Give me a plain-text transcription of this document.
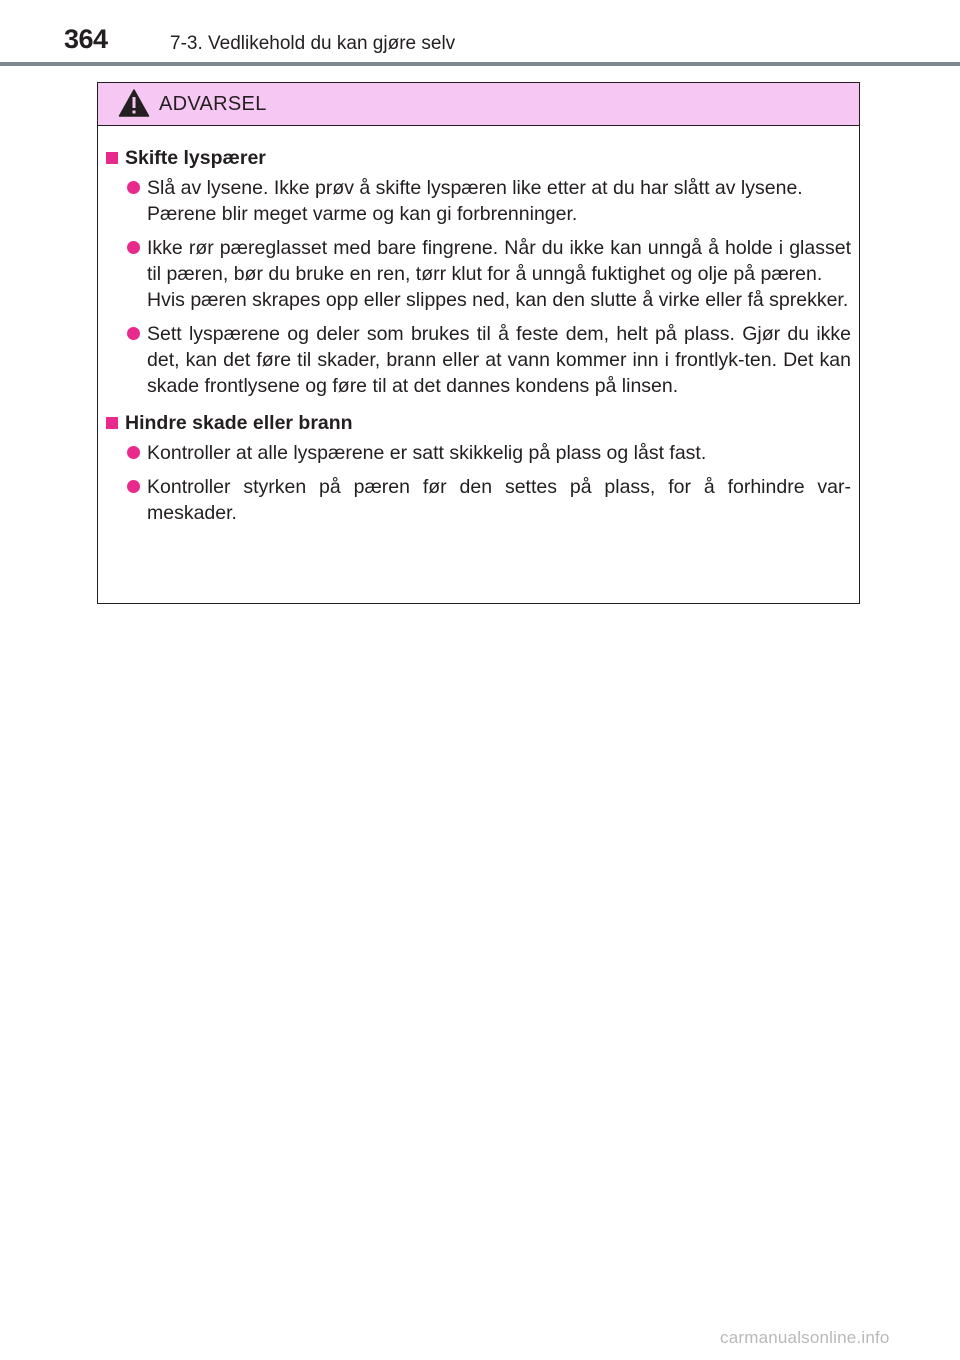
364	7-3. Vedlikehold du kan gjøre selv
ADVARSEL
Skifte lyspærer

Slå av lysene. Ikke prøv å skifte lyspæren like etter at du har slått av lysene.

Pærene blir meget varme og kan gi forbrenninger.

Ikke rør pæreglasset med bare fingrene. Når du ikke kan unngå å holde i glasset til pæren, bør du bruke en ren, tørr klut for å unngå fuktighet og olje på pæren.

Hvis pæren skrapes opp eller slippes ned, kan den slutte å virke eller få sprekker.

Sett lyspærene og deler som brukes til å feste dem, helt på plass. Gjør du ikke det, kan det føre til skader, brann eller at vann kommer inn i frontlyk-ten. Det kan skade frontlysene og føre til at det dannes kondens på linsen.

Hindre skade eller brann

Kontroller at alle lyspærene er satt skikkelig på plass og låst fast.

Kontroller styrken på pæren før den settes på plass, for å forhindre var-meskader.

carmanualsonline.info
